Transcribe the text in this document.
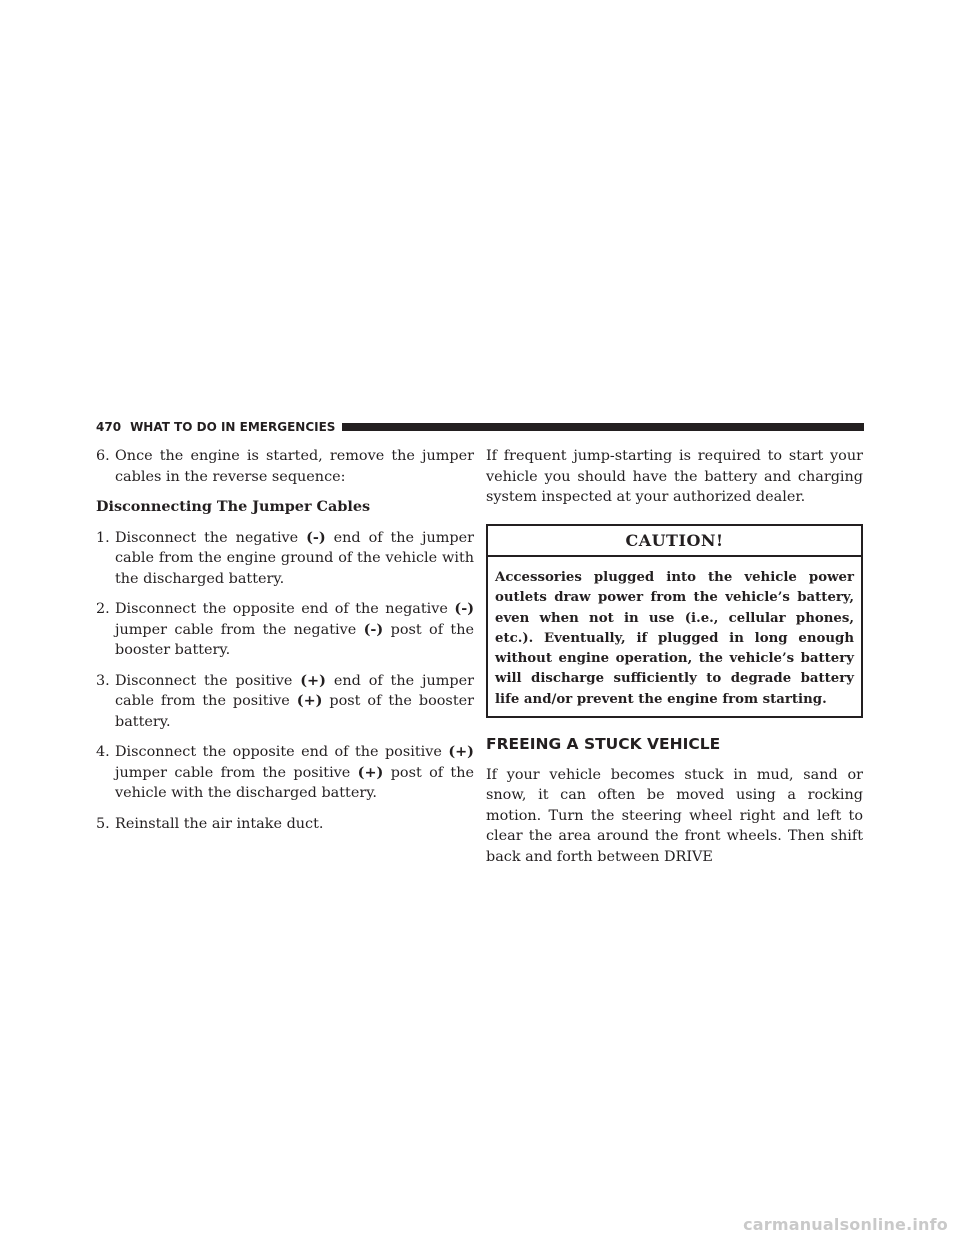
470 WHAT TO DO IN EMERGENCIES
6. Once the engine is started, remove the jumper cables in the reverse sequence:
Disconnecting The Jumper Cables
1. Disconnect the negative (-) end of the jumper cable from the engine ground of the vehicle with the discharged battery.
2. Disconnect the opposite end of the negative (-) jumper cable from the negative (-) post of the booster battery.
3. Disconnect the positive (+) end of the jumper cable from the positive (+) post of the booster battery.
4. Disconnect the opposite end of the positive (+) jumper cable from the positive (+) post of the vehicle with the discharged battery.
5. Reinstall the air intake duct.

If frequent jump-starting is required to start your vehicle you should have the battery and charging system inspected at your authorized dealer.

CAUTION!
Accessories plugged into the vehicle power outlets draw power from the vehicle’s battery, even when not in use (i.e., cellular phones, etc.). Eventually, if plugged in long enough without engine operation, the vehicle’s battery will discharge sufficiently to degrade battery life and/or prevent the engine from starting.
FREEING A STUCK VEHICLE

If your vehicle becomes stuck in mud, sand or snow, it can often be moved using a rocking motion. Turn the steering wheel right and left to clear the area around the front wheels. Then shift back and forth between DRIVE

carmanualsonline.info
